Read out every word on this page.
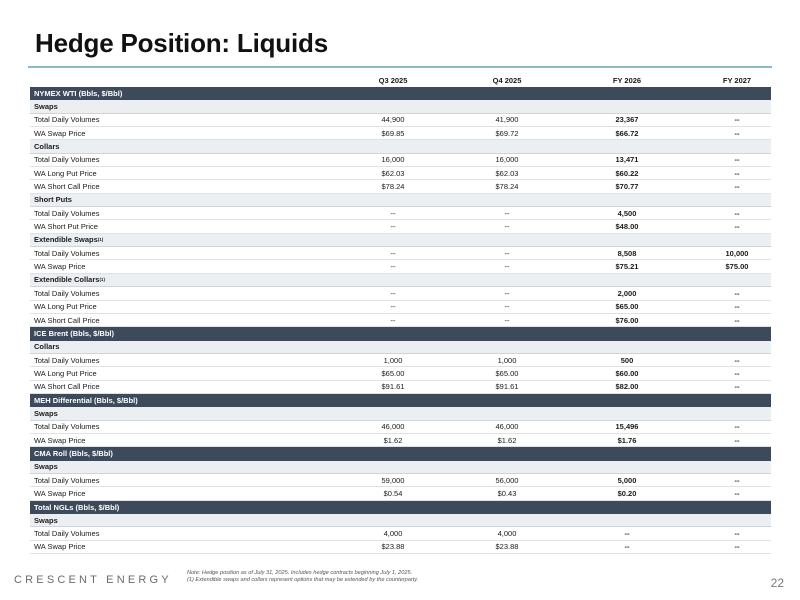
Hedge Position: Liquids
Q3 2025	Q4 2025	FY 2026	FY 2027
NYMEX WTI (Bbls, $/Bbl)
Swaps
Total Daily Volumes	44,900	41,900	23,367	--
WA Swap Price	$69.85	$69.72	$66.72	--
Collars
Total Daily Volumes	16,000	16,000	13,471	--
WA Long Put Price	$62.03	$62.03	$60.22	--
WA Short Call Price	$78.24	$78.24	$70.77	--
Short Puts
Total Daily Volumes	--	--	4,500	--
WA Short Put Price	--	--	$48.00	--
Extendible Swaps (1)
Total Daily Volumes	--	--	8,508	10,000
WA Swap Price	--	--	$75.21	$75.00
Extendible Collars (1)
Total Daily Volumes	--	--	2,000	--
WA Long Put Price	--	--	$65.00	--
WA Short Call Price	--	--	$76.00	--
ICE Brent (Bbls, $/Bbl)
Collars
Total Daily Volumes	1,000	1,000	500	--
WA Long Put Price	$65.00	$65.00	$60.00	--
WA Short Call Price	$91.61	$91.61	$82.00	--
MEH Differential (Bbls, $/Bbl)
Swaps
Total Daily Volumes	46,000	46,000	15,496	--
WA Swap Price	$1.62	$1.62	$1.76	--
CMA Roll (Bbls, $/Bbl)
Swaps
Total Daily Volumes	59,000	56,000	5,000	--
WA Swap Price	$0.54	$0.43	$0.20	--
Total NGLs (Bbls, $/Bbl)
Swaps
Total Daily Volumes	4,000	4,000	--	--
WA Swap Price	$23.88	$23.88	--	--
CRESCENT ENERGY
Note: Hedge position as of July 31, 2025. Includes hedge contracts beginning July 1, 2025.
(1) Extendible swaps and collars represent options that may be extended by the counterparty.	22
